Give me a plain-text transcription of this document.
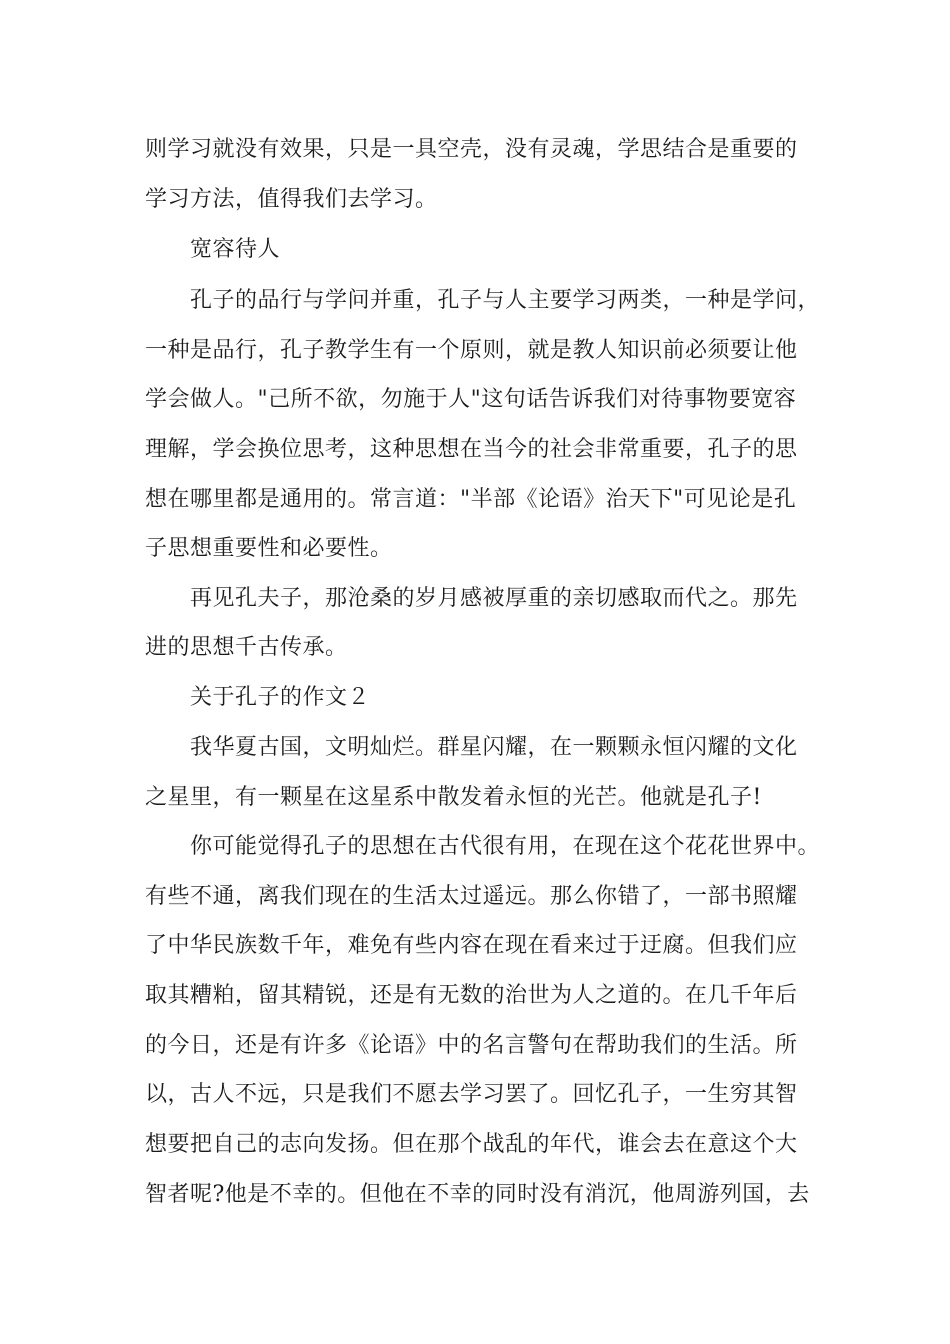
则学习就没有效果，只是一具空壳，没有灵魂，学思结合是重要的
学习方法，值得我们去学习。
宽容待人
孔子的品行与学问并重，孔子与人主要学习两类，一种是学问，
一种是品行，孔子教学生有一个原则，就是教人知识前必须要让他
学会做人。"己所不欲，勿施于人"这句话告诉我们对待事物要宽容
理解，学会换位思考，这种思想在当今的社会非常重要，孔子的思
想在哪里都是通用的。常言道："半部《论语》治天下"可见论是孔
子思想重要性和必要性。
再见孔夫子，那沧桑的岁月感被厚重的亲切感取而代之。那先
进的思想千古传承。
关于孔子的作文２
我华夏古国，文明灿烂。群星闪耀，在一颗颗永恒闪耀的文化
之星里，有一颗星在这星系中散发着永恒的光芒。他就是孔子!
你可能觉得孔子的思想在古代很有用，在现在这个花花世界中。
有些不通，离我们现在的生活太过遥远。那么你错了，一部书照耀
了中华民族数千年，难免有些内容在现在看来过于迂腐。但我们应
取其糟粕，留其精锐，还是有无数的治世为人之道的。在几千年后
的今日，还是有许多《论语》中的名言警句在帮助我们的生活。所
以，古人不远，只是我们不愿去学习罢了。回忆孔子，一生穷其智
想要把自己的志向发扬。但在那个战乱的年代，谁会去在意这个大
智者呢?他是不幸的。但他在不幸的同时没有消沉，他周游列国，去
